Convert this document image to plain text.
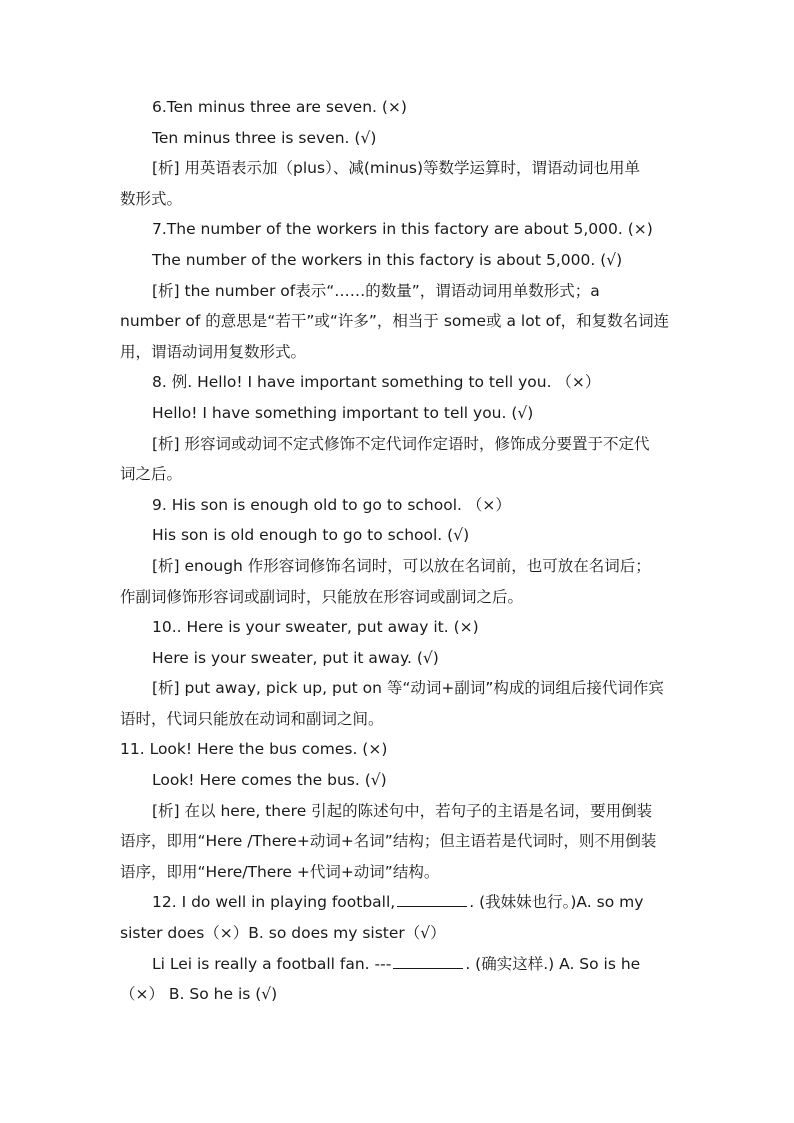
6.Ten minus three are seven. (×)
Ten minus three is seven. (√)
[析] 用英语表示加（plus）、减(minus)等数学运算时，谓语动词也用单
数形式。
7.The number of the workers in this factory are about 5,000. (×)
The number of the workers in this factory is about 5,000. (√)
[析] the number of表示“……的数量”，谓语动词用单数形式；a
number of 的意思是“若干”或“许多”，相当于 some或 a lot of，和复数名词连
用，谓语动词用复数形式。
8. 例. Hello! I have important something to tell you. （×）
Hello! I have something important to tell you. (√)
[析] 形容词或动词不定式修饰不定代词作定语时，修饰成分要置于不定代
词之后。
9. His son is enough old to go to school. （×）
His son is old enough to go to school. (√)
[析] enough 作形容词修饰名词时，可以放在名词前，也可放在名词后；
作副词修饰形容词或副词时，只能放在形容词或副词之后。
10.. Here is your sweater, put away it. (×)
Here is your sweater, put it away. (√)
[析] put away, pick up, put on 等“动词+副词”构成的词组后接代词作宾
语时，代词只能放在动词和副词之间。
11. Look! Here the bus comes. (×)
Look! Here comes the bus. (√)
[析] 在以 here, there 引起的陈述句中，若句子的主语是名词，要用倒装
语序，即用“Here /There+动词+名词”结构；但主语若是代词时，则不用倒装
语序，即用“Here/There +代词+动词”结构。
12. I do well in playing football,	. (我妹妹也行。)A. so my
sister does（×）B. so does my sister（√）
Li Lei is really a football fan. ---	. (确实这样.) A. So is he
（×） B. So he is (√)
